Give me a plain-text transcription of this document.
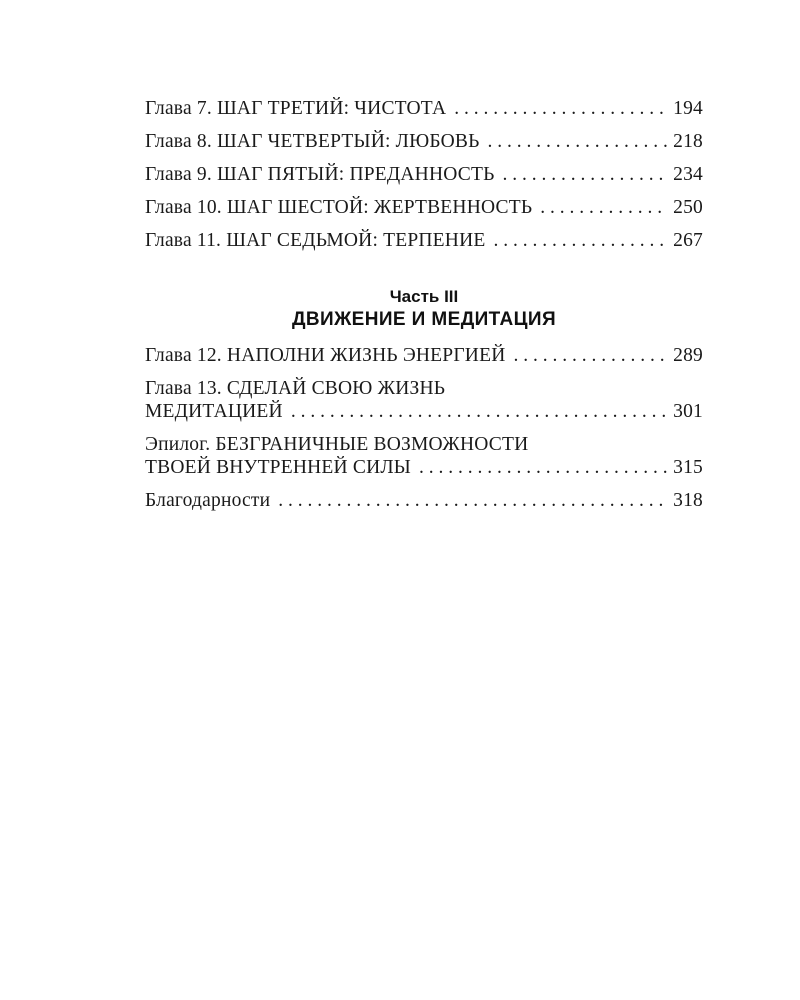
Глава 7. ШАГ ТРЕТИЙ: ЧИСТОТА . . .	194
Глава 8. ШАГ ЧЕТВЕРТЫЙ: ЛЮБОВЬ . . .	218
Глава 9. ШАГ ПЯТЫЙ: ПРЕДАННОСТЬ . . .	234
Глава 10. ШАГ ШЕСТОЙ: ЖЕРТВЕННОСТЬ . . .	250
Глава 11. ШАГ СЕДЬМОЙ: ТЕРПЕНИЕ . . .	267
Часть III
ДВИЖЕНИЕ И МЕДИТАЦИЯ
Глава 12. НАПОЛНИ ЖИЗНЬ ЭНЕРГИЕЙ . . .	289
Глава 13. СДЕЛАЙ СВОЮ ЖИЗНЬ
МЕДИТАЦИЕЙ . . .	301
Эпилог. БЕЗГРАНИЧНЫЕ ВОЗМОЖНОСТИ
ТВОЕЙ ВНУТРЕННЕЙ СИЛЫ . . .	315
Благодарности . . .	318
